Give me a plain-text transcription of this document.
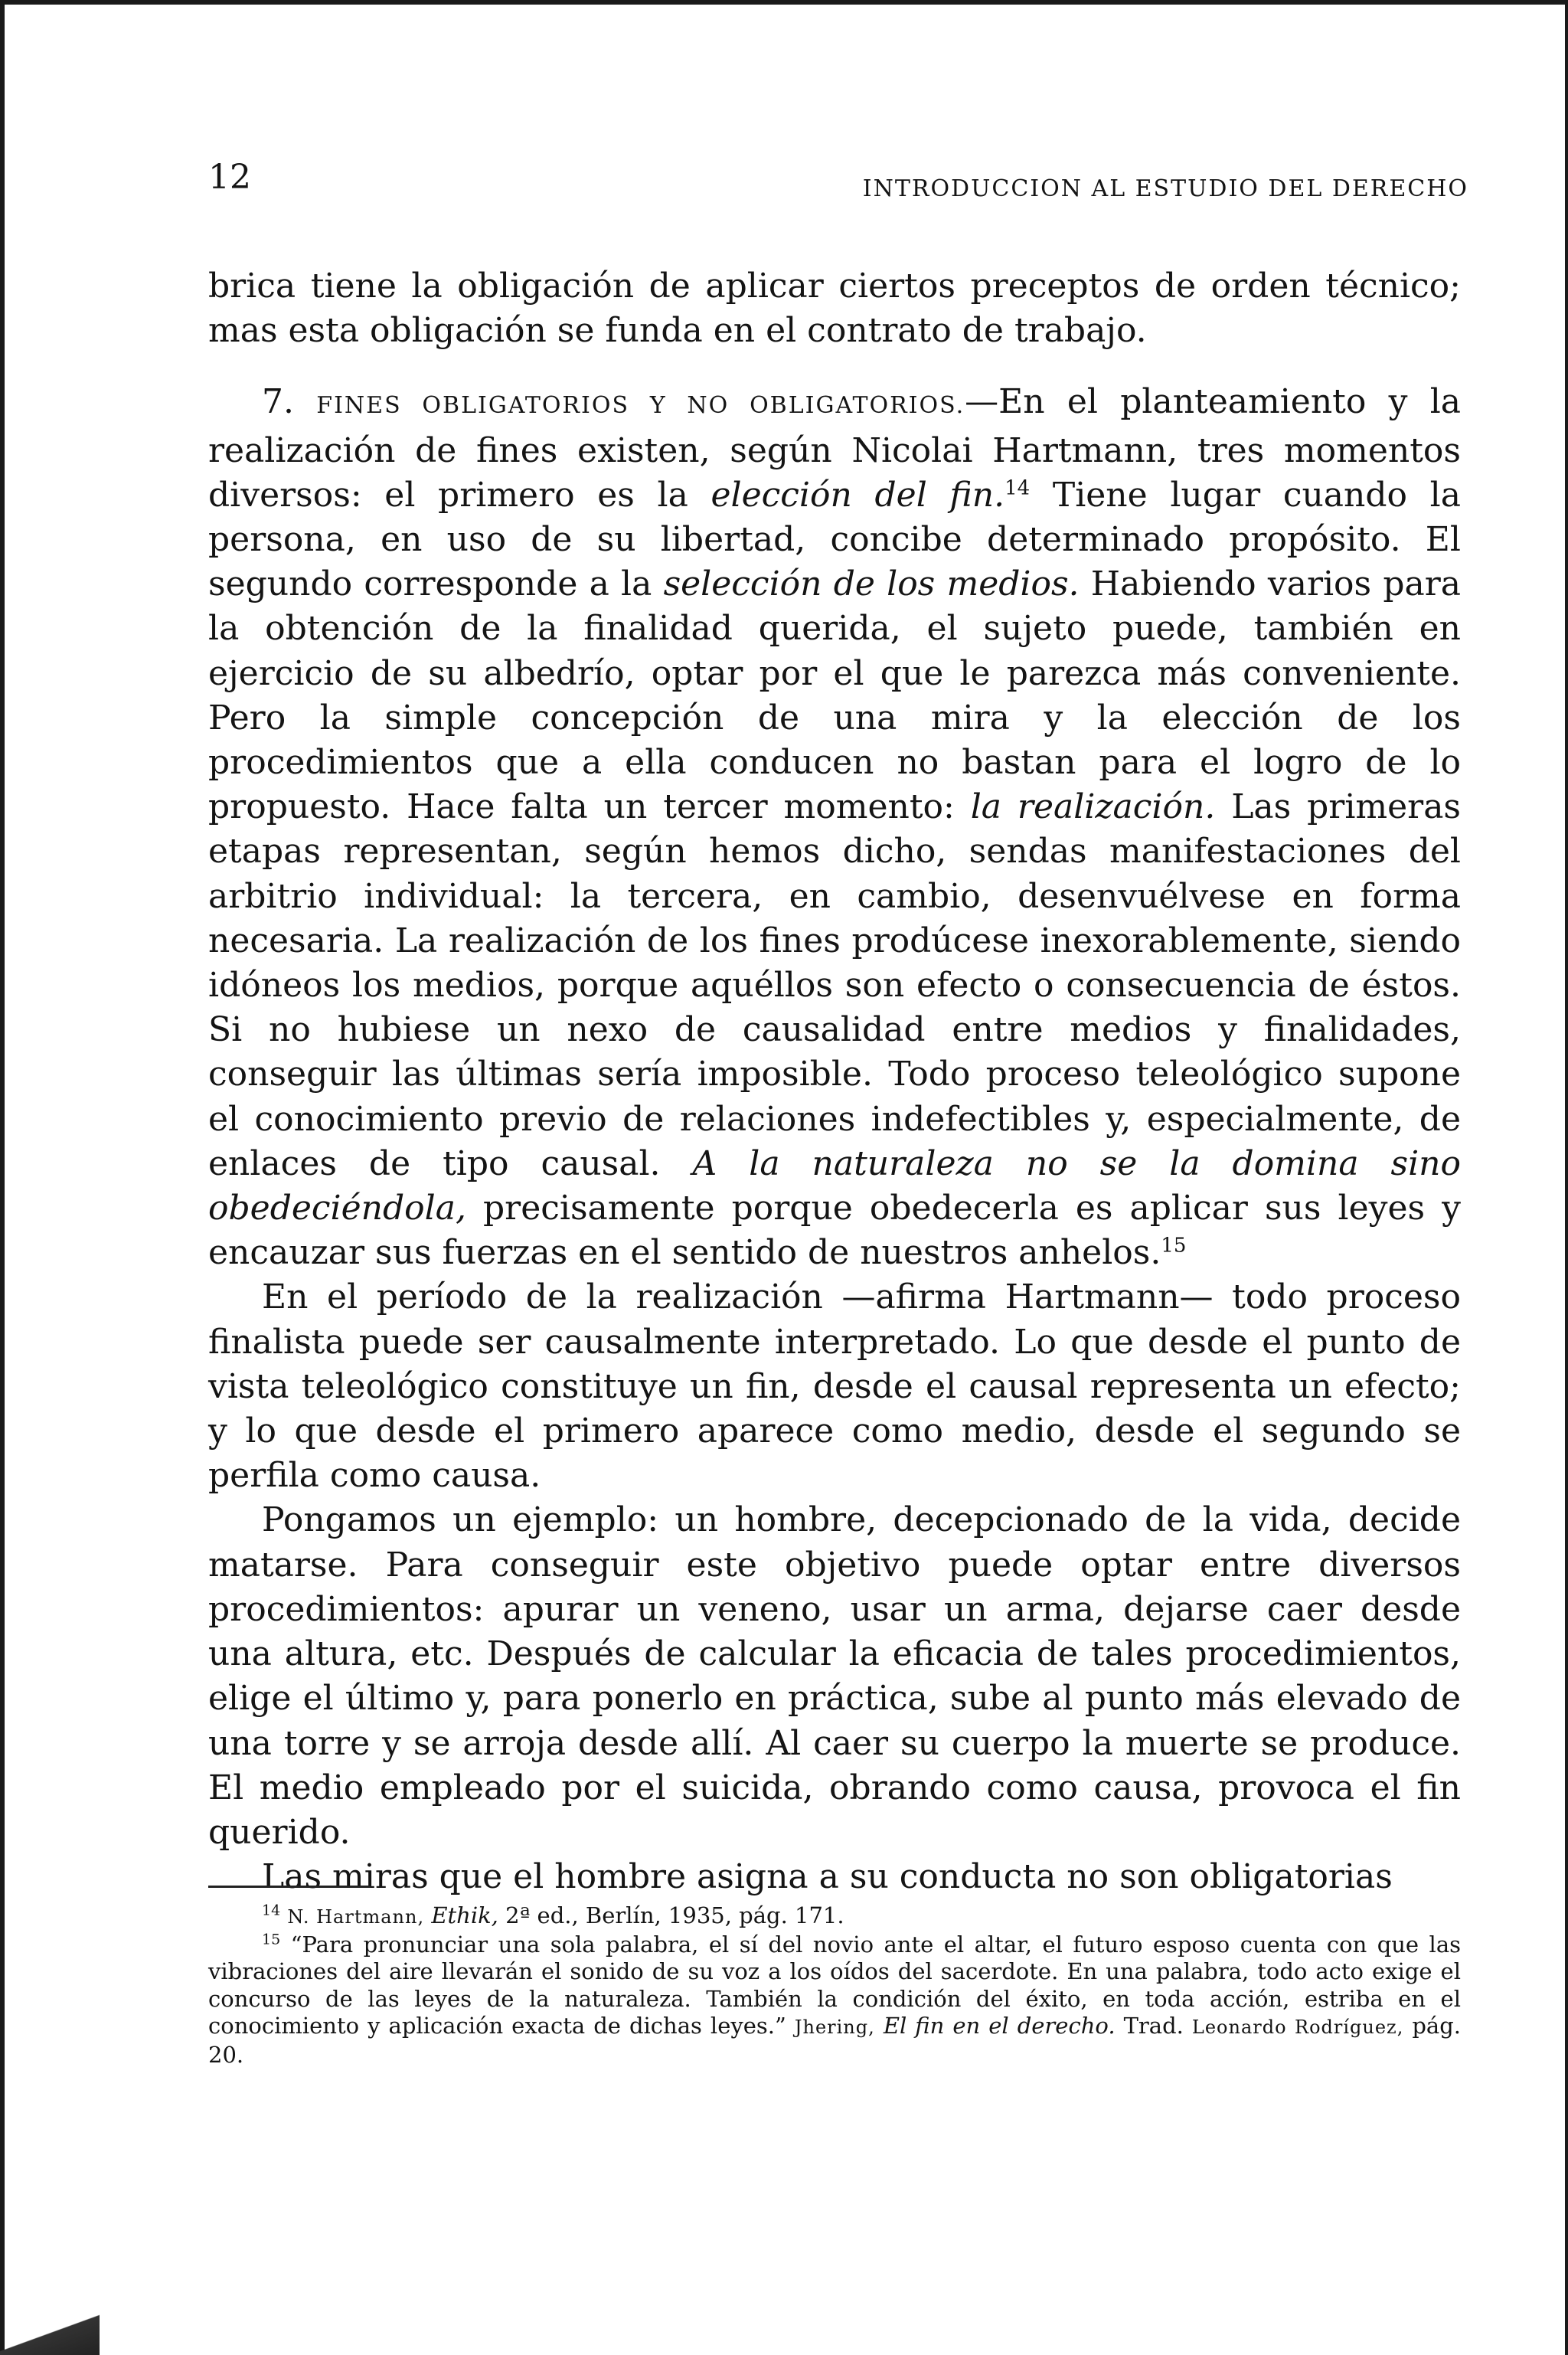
12	INTRODUCCION AL ESTUDIO DEL DERECHO

brica tiene la obligación de aplicar ciertos preceptos de orden técnico; mas esta obligación se funda en el contrato de trabajo.

7. FINES OBLIGATORIOS Y NO OBLIGATORIOS.—En el planteamiento y la realización de fines existen, según Nicolai Hartmann, tres momentos diversos: el primero es la elección del fin.$^{14}$ Tiene lugar cuando la persona, en uso de su libertad, concibe determinado propósito. El segundo corresponde a la selección de los medios. Habiendo varios para la obtención de la finalidad querida, el sujeto puede, también en ejercicio de su albedrío, optar por el que le parezca más conveniente. Pero la simple concepción de una mira y la elección de los procedimientos que a ella conducen no bastan para el logro de lo propuesto. Hace falta un tercer momento: la realización. Las primeras etapas representan, según hemos dicho, sendas manifestaciones del arbitrio individual: la tercera, en cambio, desenvuélvese en forma necesaria. La realización de los fines prodúcese inexorablemente, siendo idóneos los medios, porque aquéllos son efecto o consecuencia de éstos. Si no hubiese un nexo de causalidad entre medios y finalidades, conseguir las últimas sería imposible. Todo proceso teleológico supone el conocimiento previo de relaciones indefectibles y, especialmente, de enlaces de tipo causal. A la naturaleza no se la domina sino obedeciéndola, precisamente porque obedecerla es aplicar sus leyes y encauzar sus fuerzas en el sentido de nuestros anhelos.$^{15}$

En el período de la realización —afirma Hartmann— todo proceso finalista puede ser causalmente interpretado. Lo que desde el punto de vista teleológico constituye un fin, desde el causal representa un efecto; y lo que desde el primero aparece como medio, desde el segundo se perfila como causa.

Pongamos un ejemplo: un hombre, decepcionado de la vida, decide matarse. Para conseguir este objetivo puede optar entre diversos procedimientos: apurar un veneno, usar un arma, dejarse caer desde una altura, etc. Después de calcular la eficacia de tales procedimientos, elige el último y, para ponerlo en práctica, sube al punto más elevado de una torre y se arroja desde allí. Al caer su cuerpo la muerte se produce. El medio empleado por el suicida, obrando como causa, provoca el fin querido.

Las miras que el hombre asigna a su conducta no son obligatorias

$^{14}$ N. Hartmann, Ethik, 2ª ed., Berlín, 1935, pág. 171.

$^{15}$ “Para pronunciar una sola palabra, el sí del novio ante el altar, el futuro esposo cuenta con que las vibraciones del aire llevarán el sonido de su voz a los oídos del sacerdote. En una palabra, todo acto exige el concurso de las leyes de la naturaleza. También la condición del éxito, en toda acción, estriba en el conocimiento y aplicación exacta de dichas leyes.” Jhering, El fin en el derecho. Trad. Leonardo Rodríguez, pág. 20.
